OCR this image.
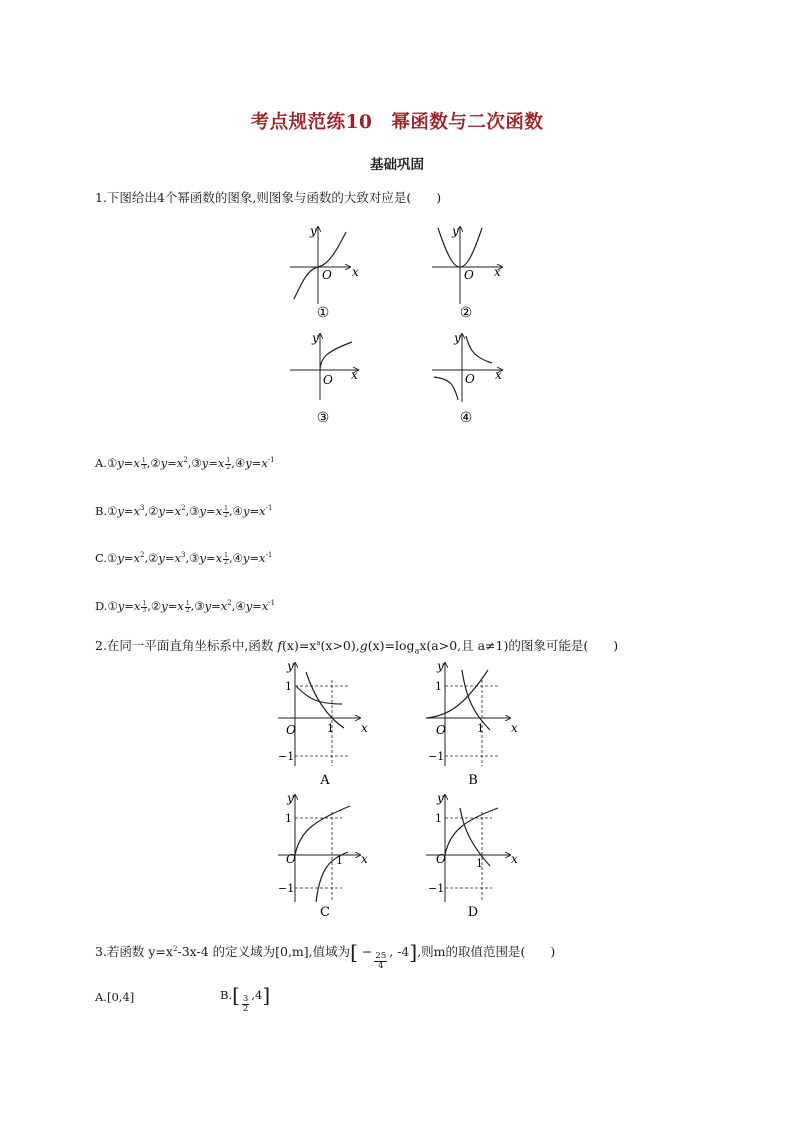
考点规范练10　幂函数与二次函数
基础巩固
1.下图给出4个幂函数的图象,则图象与函数的大致对应是(　　)
x
y
O	x
y
O
x
y
O	x
y
O
①	②
③	④
A.①y=x $\frac{1}{3}$ $,②y=x^2,③y=x \frac{1}{2}$ $,④y=x^{-1}$
$B.①y=x^3,②y=x^2,③y=x \frac{1}{2}$ $,④y=x^{-1}$
$C.①y=x^2,②y=x^3,③y=x \frac{1}{2}$ $,④y=x^{-1}$
D.①y=x $\frac{1}{3}$ ,②y=x $\frac{1}{2}$ $,③y=x^2,④y=x^{-1}$
2.在同一平面直角坐标系中,函数 $f(x)=x^a(x>0),g(x)=\log_ax(a>0$,且 a≠1)的图象可能是(　　)
y
x
O
1
−1
1
y
x
O
1
−1
1
y
x
O
1
−1
1
y
x
O
1
−1
1
A	B
C	D
3.若函数 $y=x^2-3x-4$ 的定义域为[0,m],值域为[ −
$\frac{25}{4}$
, -4],则m的取值范围是(　　)
A.[0,4]	$B.[ \frac{3}{2} ,4]$
